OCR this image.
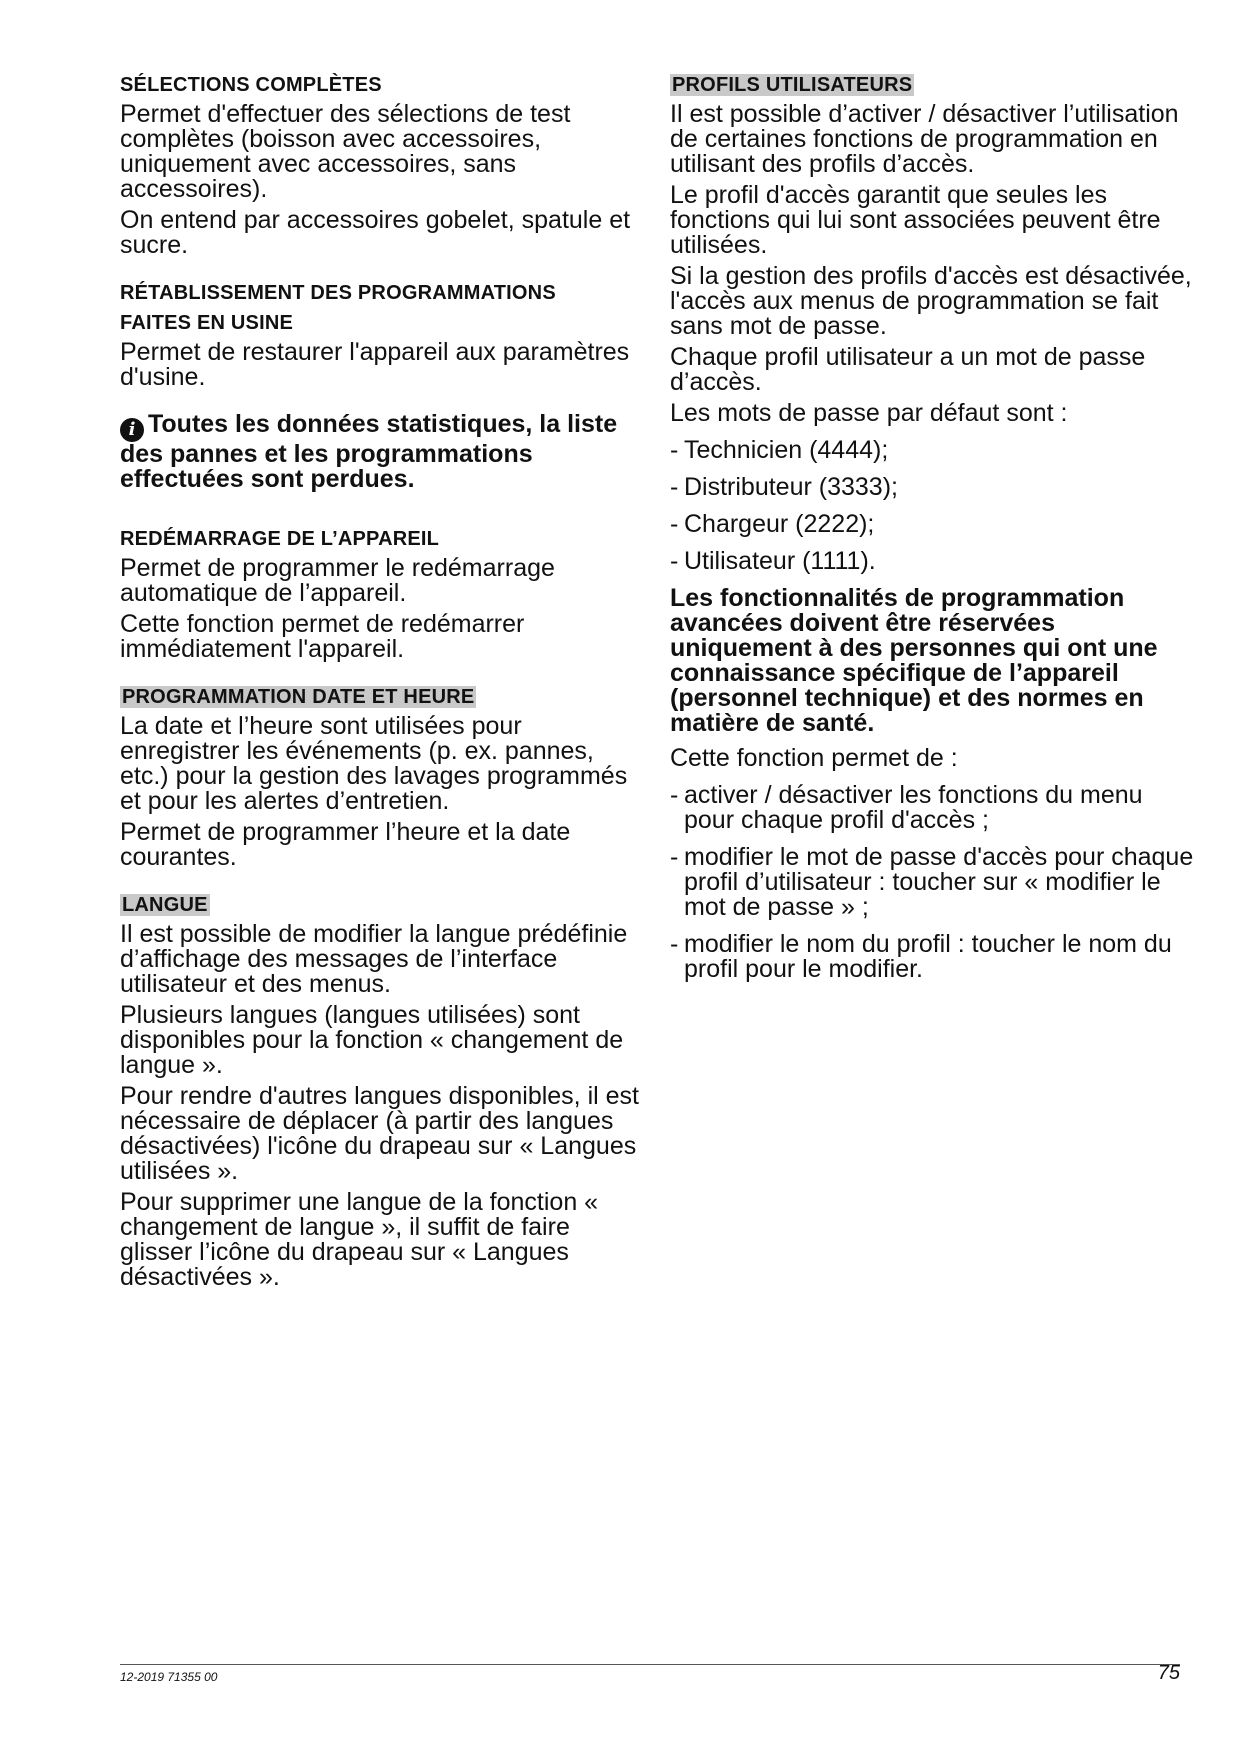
SÉLECTIONS COMPLÈTES

Permet d'effectuer des sélections de test complètes (boisson avec accessoires, uniquement avec accessoires, sans accessoires).

On entend par accessoires gobelet, spatule et sucre.

RÉTABLISSEMENT DES PROGRAMMATIONS
FAITES EN USINE

Permet de restaurer l'appareil aux paramètres d'usine.

i Toutes les données statistiques, la liste des pannes et les programmations effectuées sont perdues.
REDÉMARRAGE DE L’APPAREIL

Permet de programmer le redémarrage automatique de l’appareil.

Cette fonction permet de redémarrer immédiatement l'appareil.

PROGRAMMATION DATE ET HEURE

La date et l’heure sont utilisées pour enregistrer les événements (p. ex. pannes, etc.) pour la gestion des lavages programmés et pour les alertes d’entretien.

Permet de programmer l’heure et la date courantes.

LANGUE

Il est possible de modifier la langue prédéfinie d’affichage des messages de l’interface utilisateur et des menus.

Plusieurs langues (langues utilisées) sont disponibles pour la fonction « changement de langue ».

Pour rendre d'autres langues disponibles, il est nécessaire de déplacer (à partir des langues désactivées) l'icône du drapeau sur « Langues utilisées ».

Pour supprimer une langue de la fonction « changement de langue », il suffit de faire glisser l’icône du drapeau sur « Langues désactivées ».

PROFILS UTILISATEURS

Il est possible d’activer / désactiver l’utilisation de certaines fonctions de programmation en utilisant des profils d’accès.

Le profil d'accès garantit que seules les fonctions qui lui sont associées peuvent être utilisées.

Si la gestion des profils d'accès est désactivée, l'accès aux menus de programmation se fait sans mot de passe.

Chaque profil utilisateur a un mot de passe d’accès.

Les mots de passe par défaut sont :

- Technicien (4444);
- Distributeur (3333);
- Chargeur (2222);
- Utilisateur (1111).

Les fonctionnalités de programmation avancées doivent être réservées uniquement à des personnes qui ont une connaissance spécifique de l’appareil (personnel technique) et des normes en matière de santé.

Cette fonction permet de :

- activer / désactiver les fonctions du menu pour chaque profil d'accès ;
- modifier le mot de passe d'accès pour chaque profil d’utilisateur : toucher sur « modifier le mot de passe » ;
- modifier le nom du profil : toucher le nom du profil pour le modifier.
12-2019 71355 00	75
